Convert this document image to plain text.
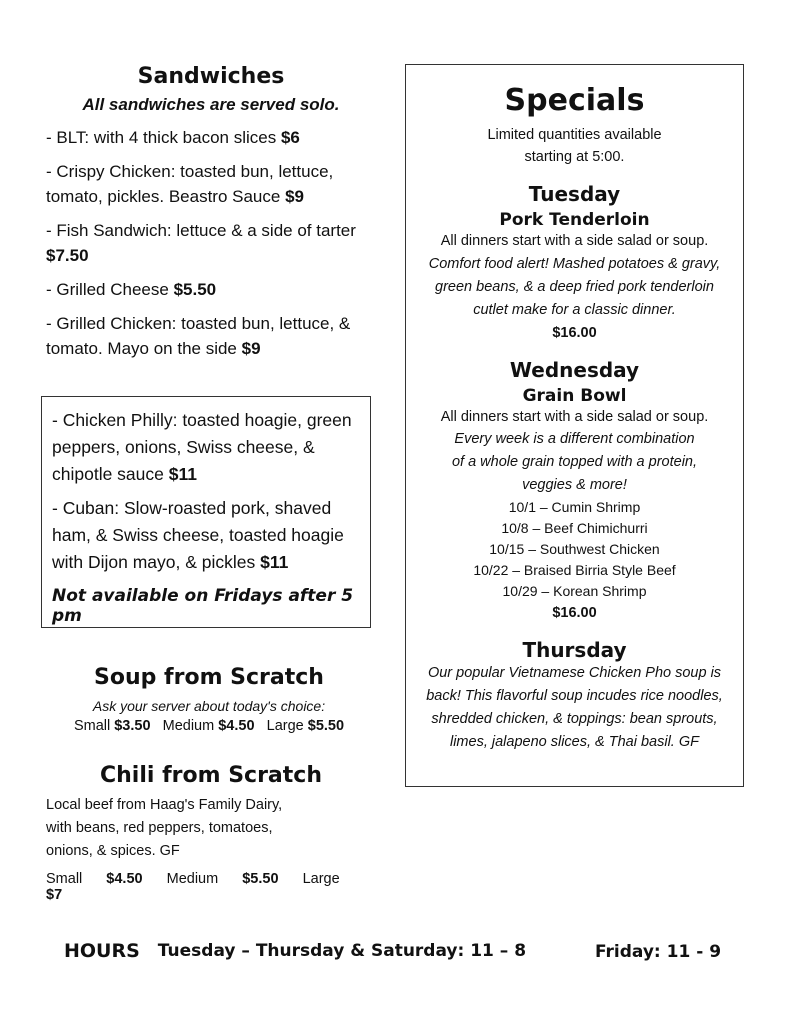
Sandwiches

All sandwiches are served solo.

- BLT: with 4 thick bacon slices $6

- Crispy Chicken: toasted bun, lettuce, tomato, pickles. Beastro Sauce $9

- Fish Sandwich: lettuce & a side of tarter $7.50

- Grilled Cheese $5.50

- Grilled Chicken: toasted bun, lettuce, & tomato. Mayo on the side $9

- Chicken Philly: toasted hoagie, green peppers, onions, Swiss cheese, & chipotle sauce $11

- Cuban: Slow-roasted pork, shaved ham, & Swiss cheese, toasted hoagie with Dijon mayo, & pickles $11

Not available on Fridays after 5 pm
Soup from Scratch
Ask your server about today's choice:
Small $3.50 Medium $4.50 Large $5.50
Chili from Scratch
Local beef from Haag's Family Dairy,
with beans, red peppers, tomatoes,
onions, & spices. GF
Small $4.50 Medium $5.50 Large $7
Specials
Limited quantities available
starting at 5:00.
Tuesday
Pork Tenderloin
All dinners start with a side salad or soup.
Comfort food alert! Mashed potatoes & gravy,
green beans, & a deep fried pork tenderloin
cutlet make for a classic dinner.
$16.00
Wednesday
Grain Bowl
All dinners start with a side salad or soup.
Every week is a different combination
of a whole grain topped with a protein,
veggies & more!
10/1 – Cumin Shrimp
10/8 – Beef Chimichurri
10/15 – Southwest Chicken
10/22 – Braised Birria Style Beef
10/29 – Korean Shrimp
$16.00
Thursday
Our popular Vietnamese Chicken Pho soup is
back! This flavorful soup incudes rice noodles,
shredded chicken, & toppings: bean sprouts,
limes, jalapeno slices, & Thai basil. GF
HOURS Tuesday – Thursday & Saturday: 11 – 8	Friday: 11 - 9
